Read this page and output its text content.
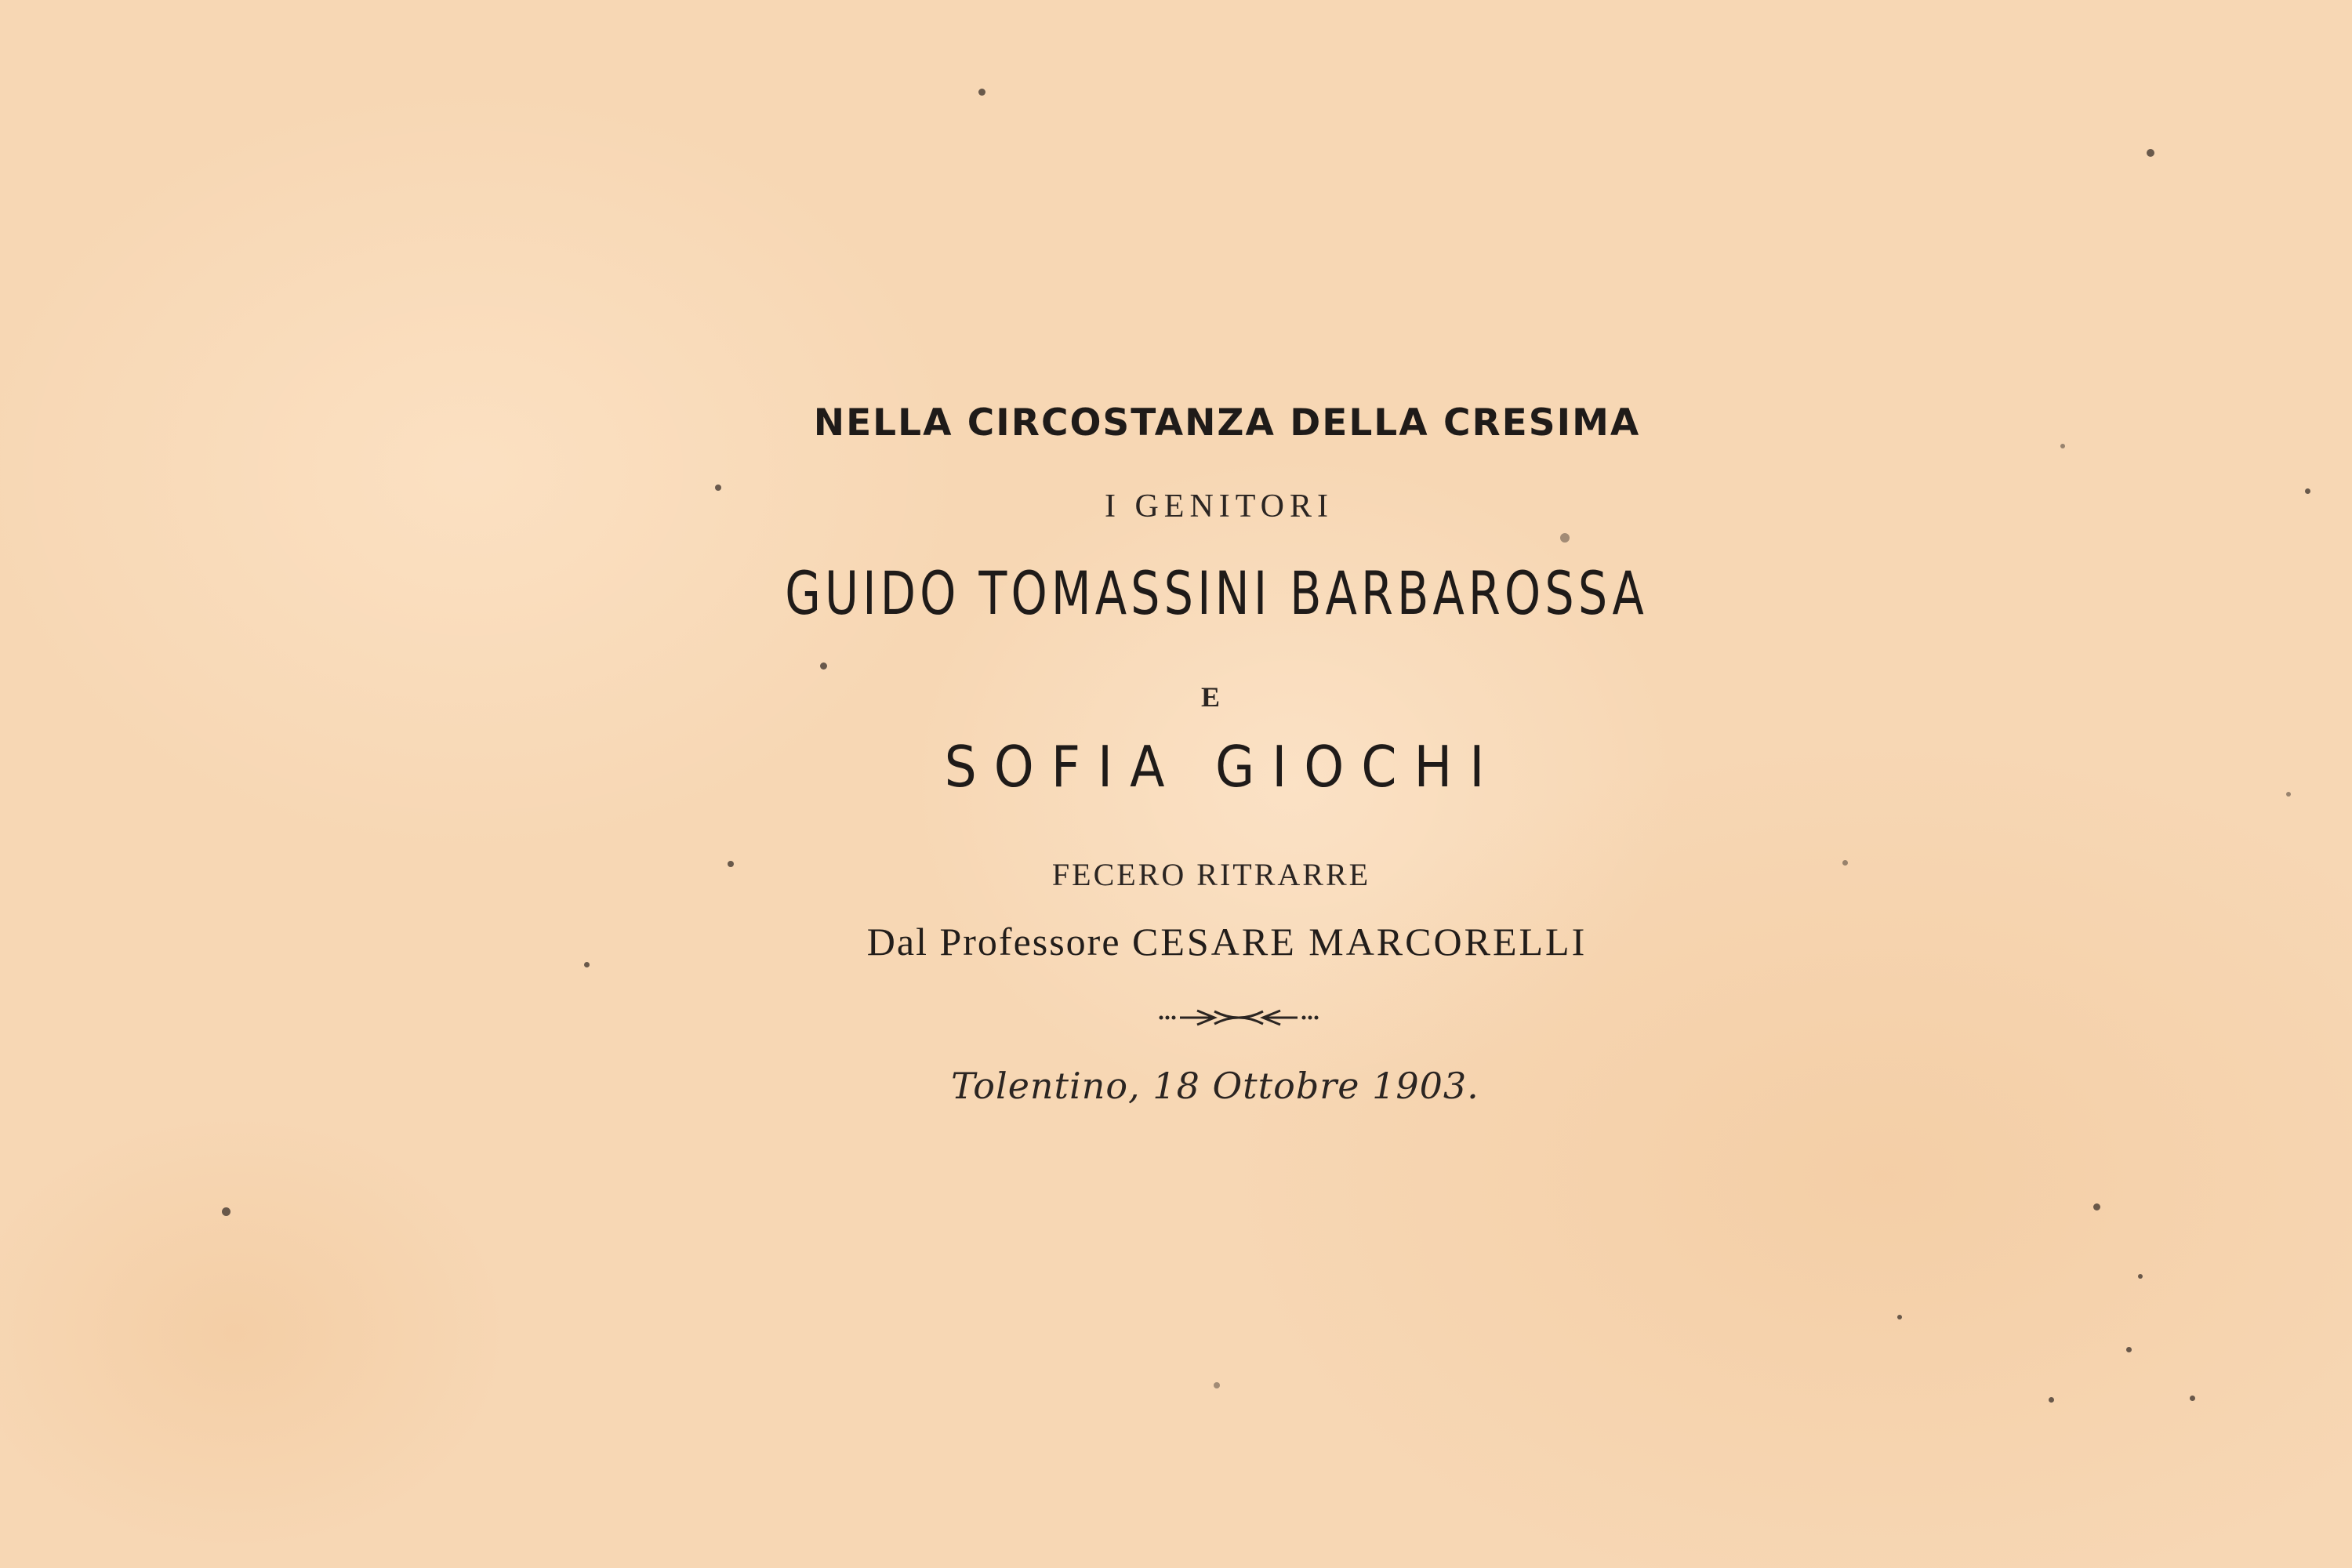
NELLA CIRCOSTANZA DELLA CRESIMA
I GENITORI
GUIDO TOMASSINI BARBAROSSA
E
SOFIA GIOCHI
FECERO RITRARRE
Dal Professore CESARE MARCORELLI
Tolentino, 18 Ottobre 1903.
